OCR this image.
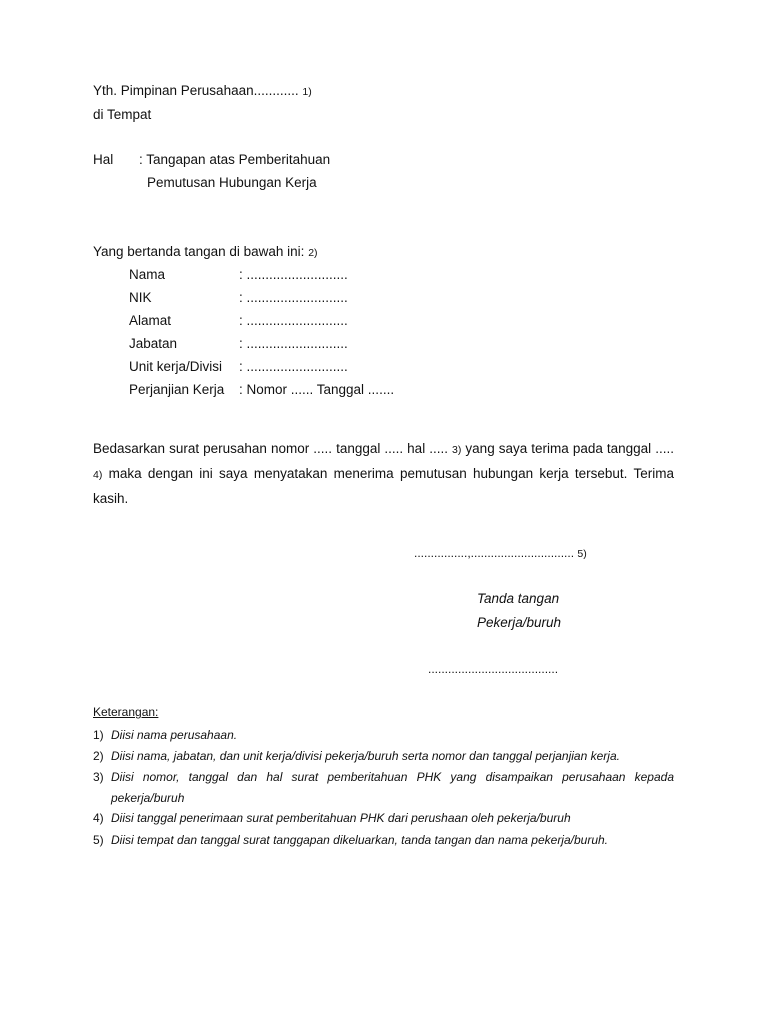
Yth. Pimpinan Perusahaan............ 1)
di Tempat
Hal : Tangapan atas Pemberitahuan
Pemutusan Hubungan Kerja
Yang bertanda tangan di bawah ini: 2)
Nama	: ...........................
NIK	: ...........................
Alamat	: ...........................
Jabatan	: ...........................
Unit kerja/Divisi : ...........................
Perjanjian Kerja : Nomor ...... Tanggal .......
Bedasarkan surat perusahan nomor ..... tanggal ..... hal ..... 3) yang saya terima pada tanggal ..... 4) maka dengan ini saya menyatakan menerima pemutusan hubungan kerja tersebut. Terima kasih.
................,............................... 5)
Tanda tangan
Pekerja/buruh
.......................................
Keterangan:
1) Diisi nama perusahaan.
2) Diisi nama, jabatan, dan unit kerja/divisi pekerja/buruh serta nomor dan tanggal perjanjian kerja.
3) Diisi nomor, tanggal dan hal surat pemberitahuan PHK yang disampaikan perusahaan kepada pekerja/buruh
4) Diisi tanggal penerimaan surat pemberitahuan PHK dari perushaan oleh pekerja/buruh
5) Diisi tempat dan tanggal surat tanggapan dikeluarkan, tanda tangan dan nama pekerja/buruh.
